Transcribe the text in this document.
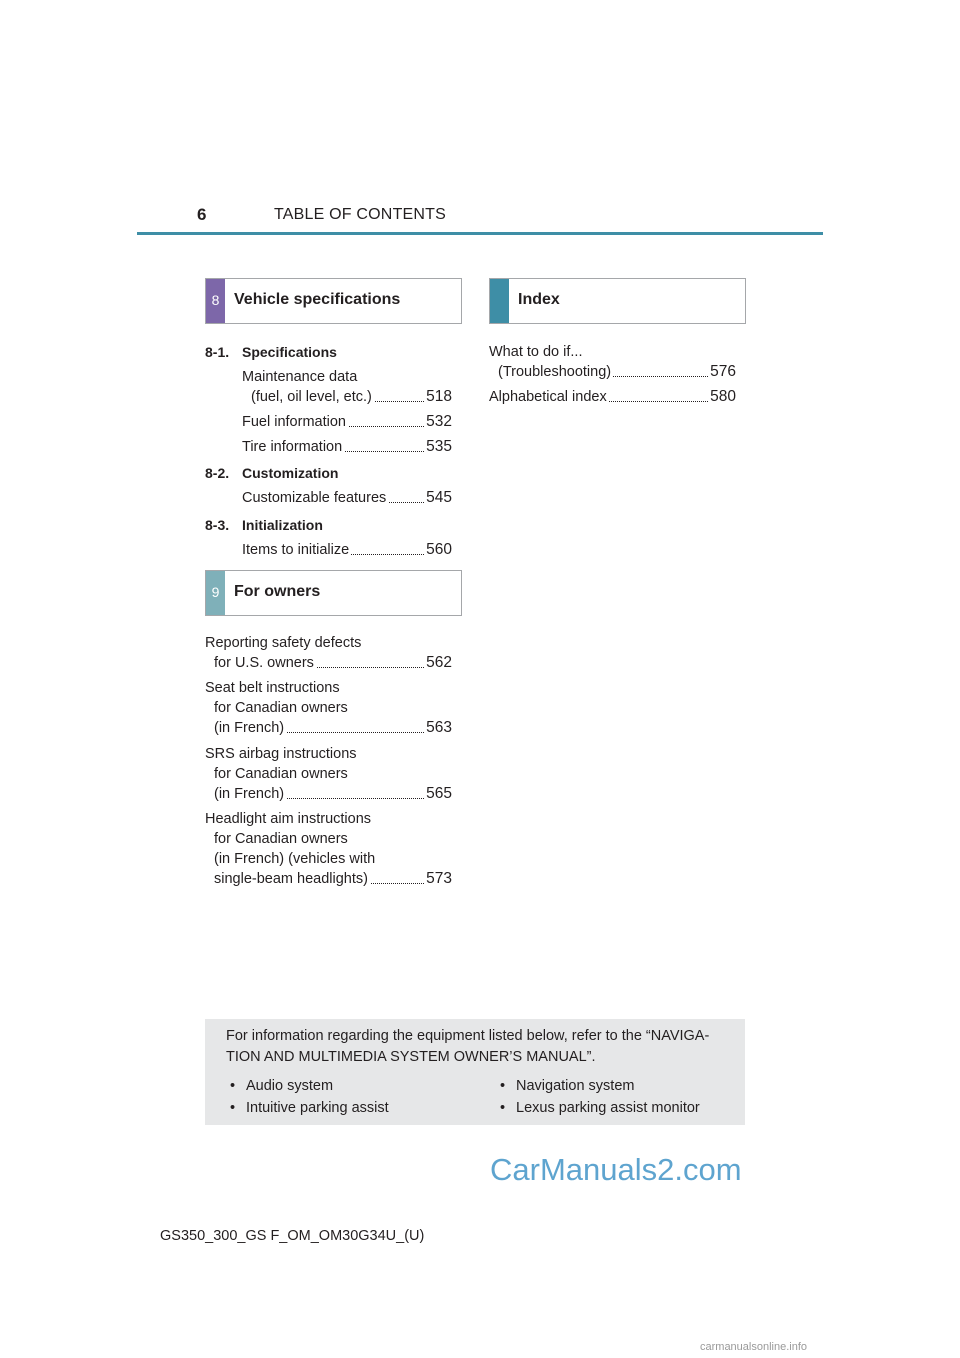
6	TABLE OF CONTENTS
8 Vehicle specifications	Index
8-1. Specifications
Maintenance data
(fuel, oil level, etc.)	518
Fuel information	532
Tire information	535
8-2. Customization
Customizable features	545
8-3. Initialization
Items to initialize	560
9 For owners
Reporting safety defects
for U.S. owners	562
Seat belt instructions
for Canadian owners
(in French)	563
SRS airbag instructions
for Canadian owners
(in French)	565
Headlight aim instructions
for Canadian owners
(in French) (vehicles with
single-beam headlights)	573
What to do if...
(Troubleshooting)	576
Alphabetical index	580
For information regarding the equipment listed below, refer to the “NAVIGA-
TION AND MULTIMEDIA SYSTEM OWNER’S MANUAL”.
• Audio system
• Intuitive parking assist
• Navigation system
• Lexus parking assist monitor
CarManuals2.com
GS350_300_GS F_OM_OM30G34U_(U)
carmanualsonline.info
